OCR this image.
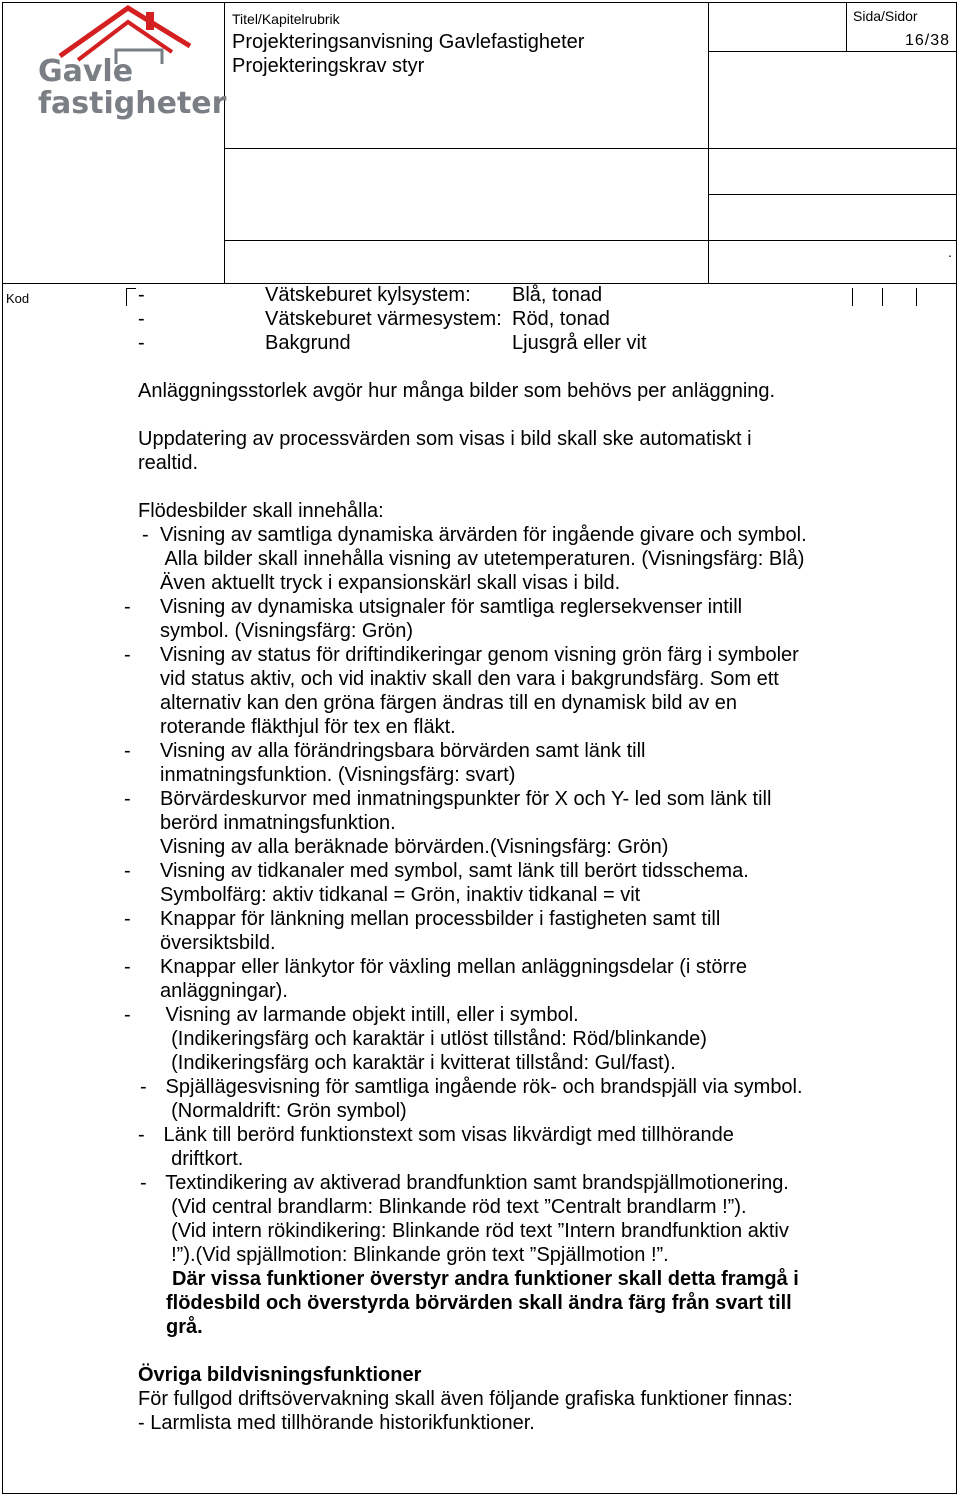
Gavle
fastigheter
Titel/Kapitelrubrik
Projekteringsanvisning Gavlefastigheter
Projekteringskrav styr
Sida/Sidor
16/38
.
Kod	-	Vätskeburet kylsystem: Blå, tonad
-	Vätskeburet värmesystem: Röd, tonad
-	Bakgrund	Ljusgrå eller vit
Anläggningsstorlek avgör hur många bilder som behövs per anläggning.
Uppdatering av processvärden som visas i bild skall ske automatiskt i
realtid.
Flödesbilder skall innehålla:
- Visning av samtliga dynamiska ärvärden för ingående givare och symbol.
Alla bilder skall innehålla visning av utetemperaturen. (Visningsfärg: Blå)
Även aktuellt tryck i expansionskärl skall visas i bild.
- Visning av dynamiska utsignaler för samtliga reglersekvenser intill
symbol. (Visningsfärg: Grön)
- Visning av status för driftindikeringar genom visning grön färg i symboler
vid status aktiv, och vid inaktiv skall den vara i bakgrundsfärg. Som ett
alternativ kan den gröna färgen ändras till en dynamisk bild av en
roterande fläkthjul för tex en fläkt.
- Visning av alla förändringsbara börvärden samt länk till
inmatningsfunktion. (Visningsfärg: svart)
- Börvärdeskurvor med inmatningspunkter för X och Y- led som länk till
berörd inmatningsfunktion.
Visning av alla beräknade börvärden.(Visningsfärg: Grön)
- Visning av tidkanaler med symbol, samt länk till berört tidsschema.
Symbolfärg: aktiv tidkanal = Grön, inaktiv tidkanal = vit
- Knappar för länkning mellan processbilder i fastigheten samt till
översiktsbild.
- Knappar eller länkytor för växling mellan anläggningsdelar (i större
anläggningar).
- Visning av larmande objekt intill, eller i symbol.
(Indikeringsfärg och karaktär i utlöst tillstånd: Röd/blinkande)
(Indikeringsfärg och karaktär i kvitterat tillstånd: Gul/fast).
- Spjällägesvisning för samtliga ingående rök- och brandspjäll via symbol.
(Normaldrift: Grön symbol)
- Länk till berörd funktionstext som visas likvärdigt med tillhörande
driftkort.
- Textindikering av aktiverad brandfunktion samt brandspjällmotionering.
(Vid central brandlarm: Blinkande röd text ”Centralt brandlarm !”).
(Vid intern rökindikering: Blinkande röd text ”Intern brandfunktion aktiv
!”).(Vid spjällmotion: Blinkande grön text ”Spjällmotion !”.
Där vissa funktioner överstyr andra funktioner skall detta framgå i
flödesbild och överstyrda börvärden skall ändra färg från svart till
grå.
Övriga bildvisningsfunktioner
För fullgod driftsövervakning skall även följande grafiska funktioner finnas:
- Larmlista med tillhörande historikfunktioner.
